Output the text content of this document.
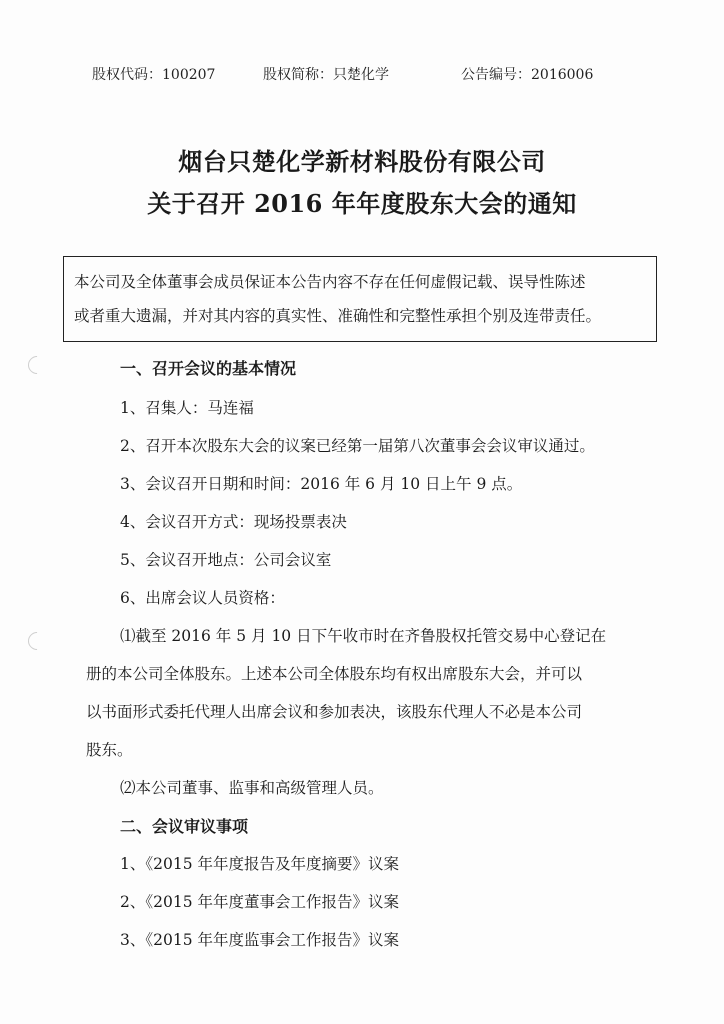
股权代码：100207	股权简称：只楚化学	公告编号：2016006
烟台只楚化学新材料股份有限公司
关于召开 2016 年年度股东大会的通知
本公司及全体董事会成员保证本公告内容不存在任何虚假记载、误导性陈述
或者重大遗漏，并对其内容的真实性、准确性和完整性承担个别及连带责任。
一、召开会议的基本情况
1、召集人：马连福
2、召开本次股东大会的议案已经第一届第八次董事会会议审议通过。
3、会议召开日期和时间：2016 年 6 月 10 日上午 9 点。
4、会议召开方式：现场投票表决
5、会议召开地点：公司会议室
6、出席会议人员资格：
⑴截至 2016 年 5 月 10 日下午收市时在齐鲁股权托管交易中心登记在
册的本公司全体股东。上述本公司全体股东均有权出席股东大会，并可以
以书面形式委托代理人出席会议和参加表决，该股东代理人不必是本公司
股东。
⑵本公司董事、监事和高级管理人员。
二、会议审议事项
1、《2015 年年度报告及年度摘要》议案
2、《2015 年年度董事会工作报告》议案
3、《2015 年年度监事会工作报告》议案
